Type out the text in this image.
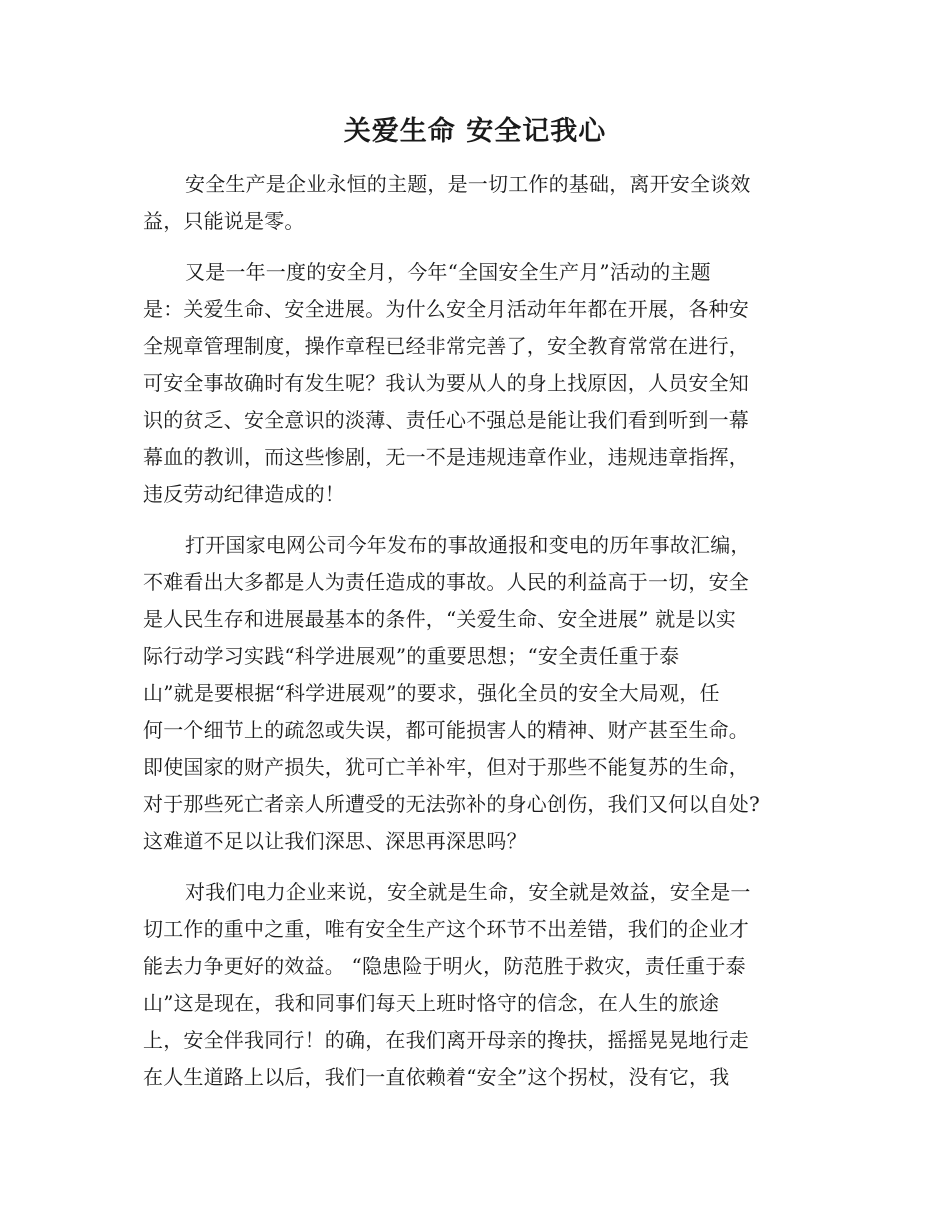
关爱生命 安全记我心
安全生产是企业永恒的主题，是一切工作的基础，离开安全谈效
益，只能说是零。
又是一年一度的安全月，今年“全国安全生产月”活动的主题
是：关爱生命、安全进展。为什么安全月活动年年都在开展，各种安
全规章管理制度，操作章程已经非常完善了，安全教育常常在进行，
可安全事故确时有发生呢？我认为要从人的身上找原因，人员安全知
识的贫乏、安全意识的淡薄、责任心不强总是能让我们看到听到一幕
幕血的教训，而这些惨剧，无一不是违规违章作业，违规违章指挥，
违反劳动纪律造成的！
打开国家电网公司今年发布的事故通报和变电的历年事故汇编，
不难看出大多都是人为责任造成的事故。人民的利益高于一切，安全
是人民生存和进展最基本的条件，“关爱生命、安全进展” 就是以实
际行动学习实践“科学进展观”的重要思想；“安全责任重于泰
山”就是要根据“科学进展观”的要求，强化全员的安全大局观，任
何一个细节上的疏忽或失误，都可能损害人的精神、财产甚至生命。
即使国家的财产损失，犹可亡羊补牢，但对于那些不能复苏的生命，
对于那些死亡者亲人所遭受的无法弥补的身心创伤，我们又何以自处?
这难道不足以让我们深思、深思再深思吗？
对我们电力企业来说，安全就是生命，安全就是效益，安全是一
切工作的重中之重，唯有安全生产这个环节不出差错，我们的企业才
能去力争更好的效益。 “隐患险于明火，防范胜于救灾，责任重于泰
山”这是现在，我和同事们每天上班时恪守的信念，在人生的旅途
上，安全伴我同行！的确，在我们离开母亲的搀扶，摇摇晃晃地行走
在人生道路上以后，我们一直依赖着“安全”这个拐杖，没有它，我
